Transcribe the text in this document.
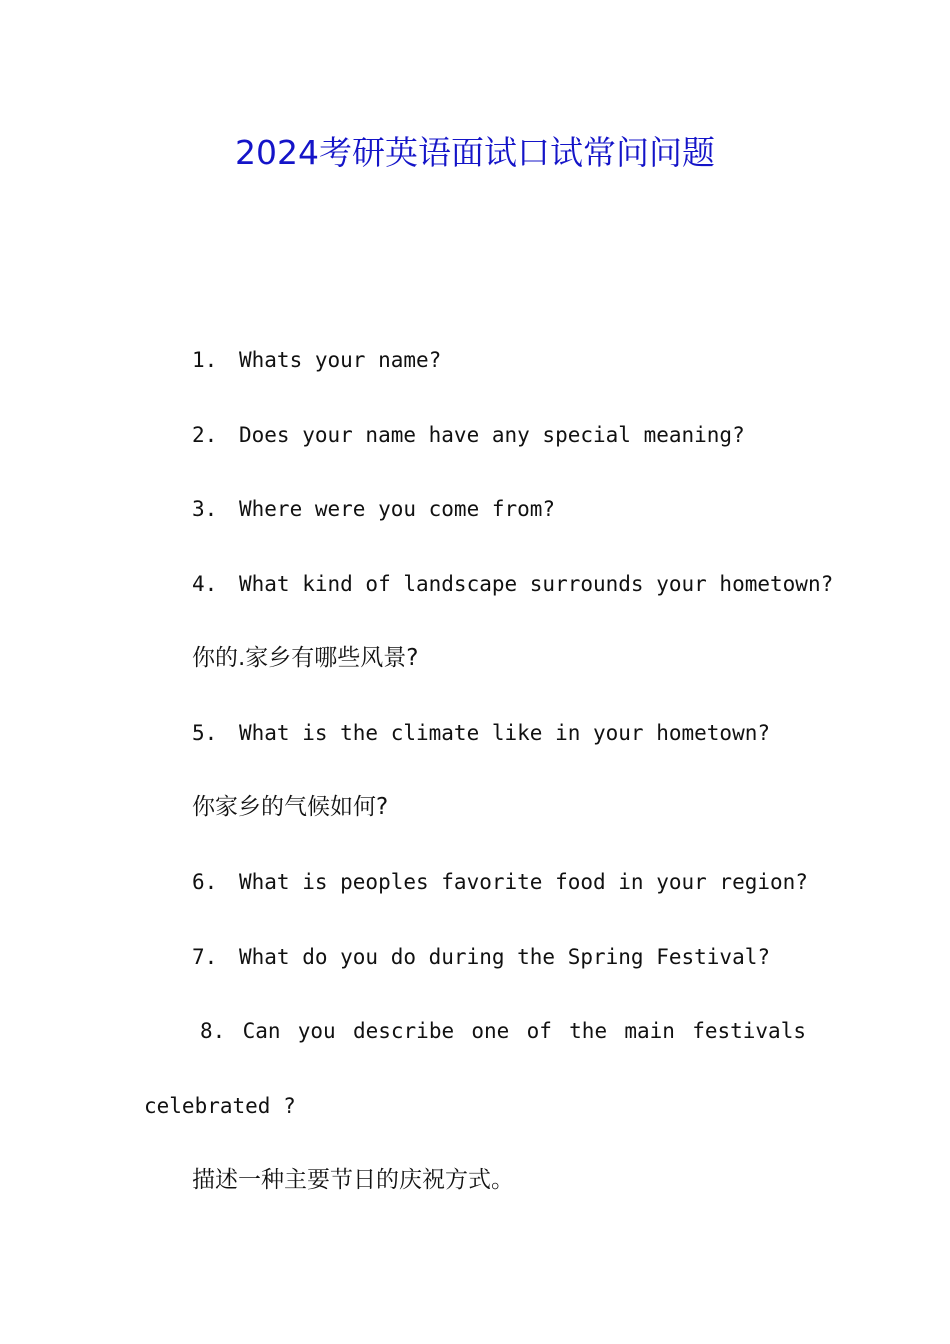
2024考研英语面试口试常问问题
1. Whats your name?
2. Does your name have any special meaning?
3. Where were you come from?
4. What kind of landscape surrounds your hometown?
你的.家乡有哪些风景?
5. What is the climate like in your hometown?
你家乡的气候如何?
6. What is peoples favorite food in your region?
7. What do you do during the Spring Festival?
8. Can you describe one of the main festivals
celebrated ?
描述一种主要节日的庆祝方式。
